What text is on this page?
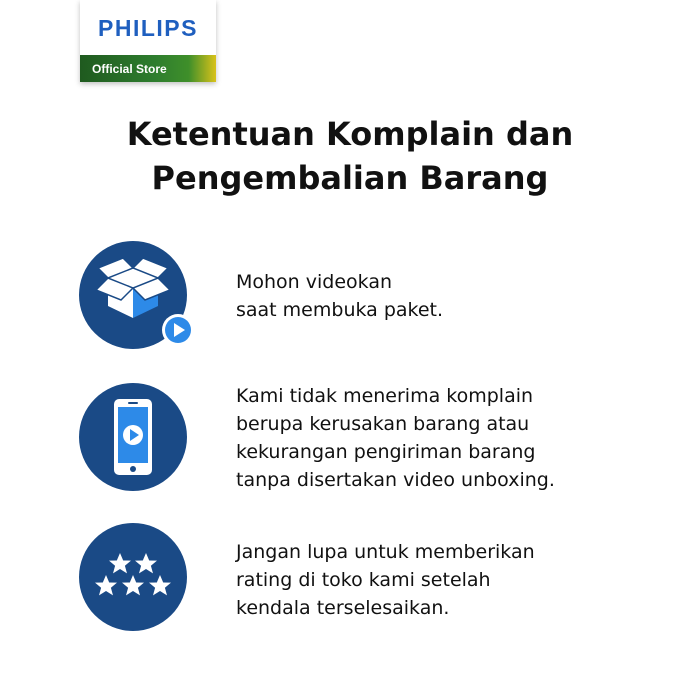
PHILIPS
Official Store
Ketentuan Komplain dan
Pengembalian Barang
Mohon videokan
saat membuka paket.
Kami tidak menerima komplain
berupa kerusakan barang atau
kekurangan pengiriman barang
tanpa disertakan video unboxing.
Jangan lupa untuk memberikan
rating di toko kami setelah
kendala terselesaikan.
